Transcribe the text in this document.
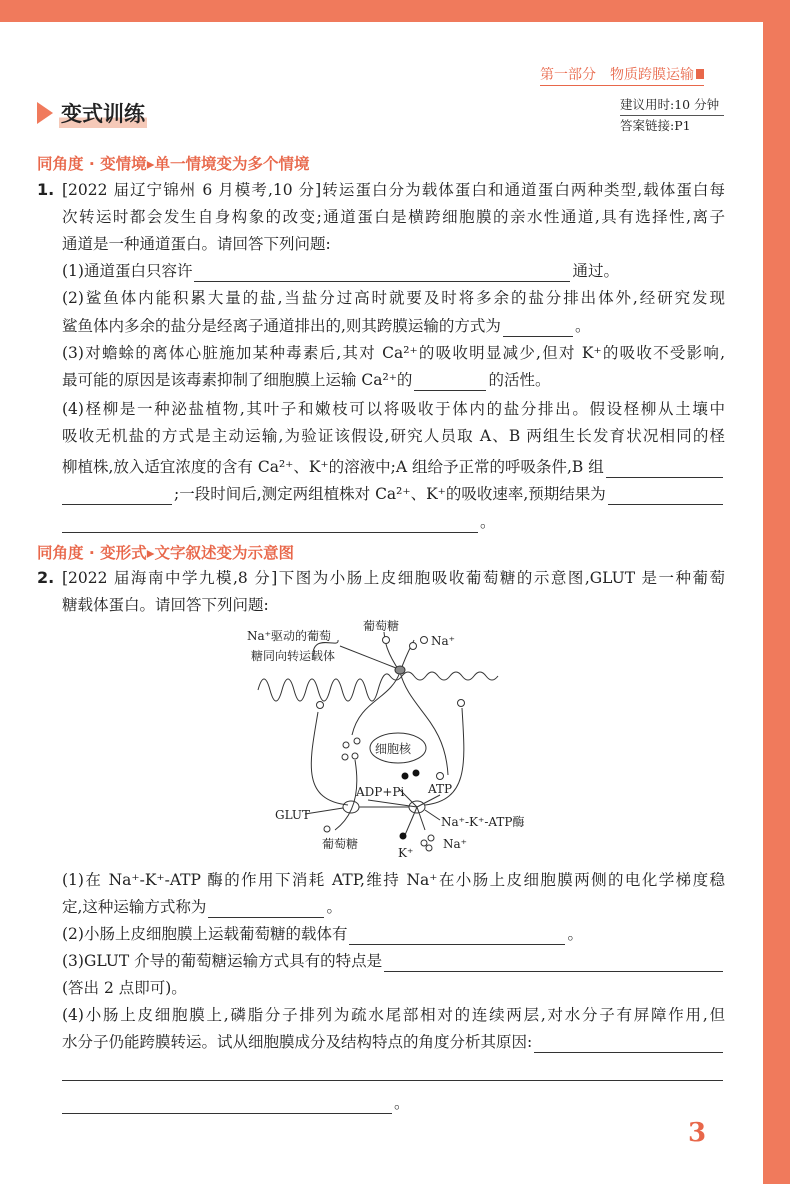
第一部分　物质跨膜运输
变式训练	建议用时:10 分钟
答案链接:P1
同角度 · 变情境▸单一情境变为多个情境
1. [2022 届辽宁锦州 6 月模考,10 分]转运蛋白分为载体蛋白和通道蛋白两种类型,载体蛋白每
次转运时都会发生自身构象的改变;通道蛋白是横跨细胞膜的亲水性通道,具有选择性,离子
通道是一种通道蛋白。请回答下列问题:
(1)通道蛋白只容许	通过。
(2)鲨鱼体内能积累大量的盐,当盐分过高时就要及时将多余的盐分排出体外,经研究发现
鲨鱼体内多余的盐分是经离子通道排出的,则其跨膜运输的方式为	。
(3)对蟾蜍的离体心脏施加某种毒素后,其对 Ca²⁺的吸收明显减少,但对 K⁺的吸收不受影响,
最可能的原因是该毒素抑制了细胞膜上运输 Ca²⁺的	的活性。
(4)柽柳是一种泌盐植物,其叶子和嫩枝可以将吸收于体内的盐分排出。假设柽柳从土壤中
吸收无机盐的方式是主动运输,为验证该假设,研究人员取 A、B 两组生长发育状况相同的柽
柳植株,放入适宜浓度的含有 Ca²⁺、K⁺的溶液中;A 组给予正常的呼吸条件,B 组
;一段时间后,测定两组植株对 Ca²⁺、K⁺的吸收速率,预期结果为
。
同角度 · 变形式▸文字叙述变为示意图
2. [2022 届海南中学九模,8 分]下图为小肠上皮细胞吸收葡萄糖的示意图,GLUT 是一种葡萄
糖载体蛋白。请回答下列问题:
Na⁺驱动的葡萄
糖同向转运载体
葡萄糖
Na⁺
细胞核
ADP+Pi ATP
GLUT
葡萄糖
Na⁺-K⁺-ATP酶
K⁺
Na⁺
(1)在 Na⁺-K⁺-ATP 酶的作用下消耗 ATP,维持 Na⁺在小肠上皮细胞膜两侧的电化学梯度稳
定,这种运输方式称为	。
(2)小肠上皮细胞膜上运载葡萄糖的载体有	。
(3)GLUT 介导的葡萄糖运输方式具有的特点是
(答出 2 点即可)。
(4)小肠上皮细胞膜上,磷脂分子排列为疏水尾部相对的连续两层,对水分子有屏障作用,但
水分子仍能跨膜转运。试从细胞膜成分及结构特点的角度分析其原因:
。
3
